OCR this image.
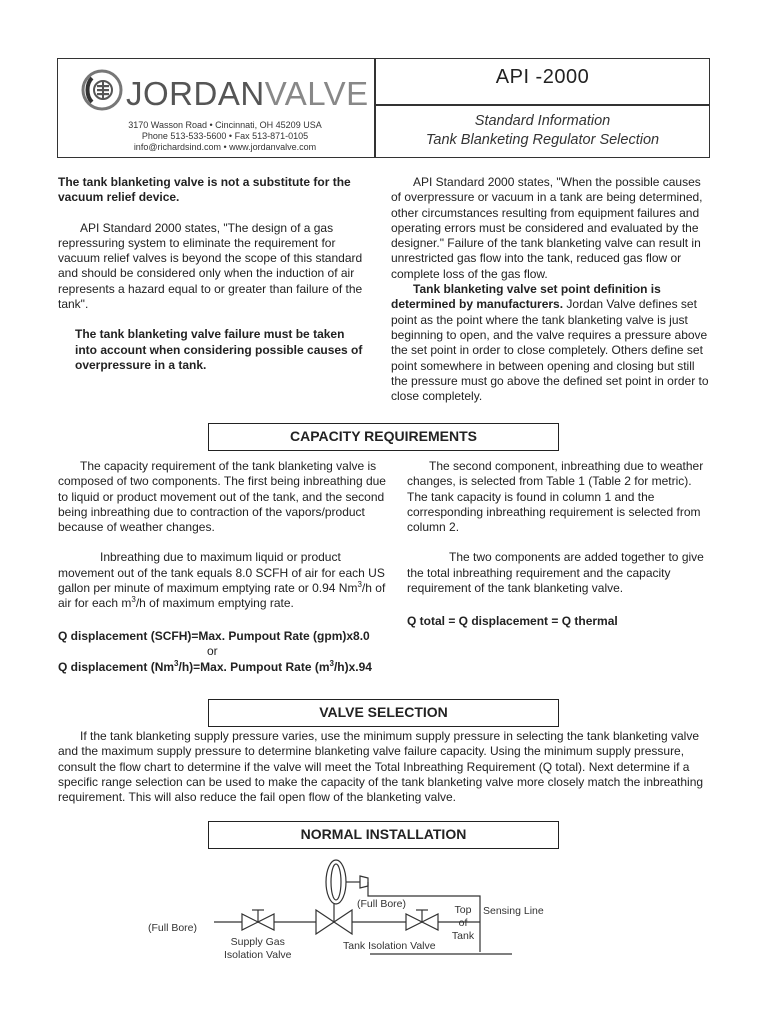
JORDANVALVE
3170 Wasson Road • Cincinnati, OH 45209 USA
Phone 513-533-5600 • Fax 513-871-0105
info@richardsind.com • www.jordanvalve.com
API -2000
Standard Information
Tank Blanketing Regulator Selection

The tank blanketing valve is not a substitute for the vacuum relief device.

API Standard 2000 states, "The design of a gas repressuring system to eliminate the requirement for vacuum relief valves is beyond the scope of this standard and should be considered only when the induction of air represents a hazard equal to or greater than failure of the tank".

The tank blanketing valve failure must be taken into account when considering possible causes of overpressure in a tank.

API Standard 2000 states, "When the possible causes of overpressure or vacuum in a tank are being determined, other circumstances resulting from equipment failures and operating errors must be considered and evaluated by the designer." Failure of the tank blanketing valve can result in unrestricted gas flow into the tank, reduced gas flow or complete loss of the gas flow.

Tank blanketing valve set point definition is determined by manufacturers. Jordan Valve defines set point as the point where the tank blanketing valve is just beginning to open, and the valve requires a pressure above the set point in order to close completely. Others define set point somewhere in between opening and closing but still the pressure must go above the defined set point in order to close completely.

CAPACITY REQUIREMENTS

The capacity requirement of the tank blanketing valve is composed of two components. The first being inbreathing due to liquid or product movement out of the tank, and the second being inbreathing due to contraction of the vapors/product because of weather changes.

Inbreathing due to maximum liquid or product movement out of the tank equals 8.0 SCFH of air for each US gallon per minute of maximum emptying rate or 0.94 Nm$^3$/h of air for each $m^3/h$ of maximum emptying rate.

Q displacement (SCFH)=Max. Pumpout Rate (gpm)x8.0
or
Q displacement $(Nm^3/h)=Max$. Pumpout Rate $(m^3/h)x.94$

The second component, inbreathing due to weather changes, is selected from Table 1 (Table 2 for metric). The tank capacity is found in column 1 and the corresponding inbreathing requirement is selected from column 2.

The two components are added together to give the total inbreathing requirement and the capacity requirement of the tank blanketing valve.

Q total = Q displacement = Q thermal
VALVE SELECTION

If the tank blanketing supply pressure varies, use the minimum supply pressure in selecting the tank blanketing valve and the maximum supply pressure to determine blanketing valve failure capacity. Using the minimum supply pressure, consult the flow chart to determine if the valve will meet the Total Inbreathing Requirement (Q total). Next determine if a specific range selection can be used to make the capacity of the tank blanketing valve more closely match the inbreathing requirement. This will also reduce the fail open flow of the blanketing valve.

NORMAL INSTALLATION
(Full Bore)
Supply Gas
Isolation Valve
(Full Bore)
Tank Isolation Valve
Top
of
Tank
Sensing Line
